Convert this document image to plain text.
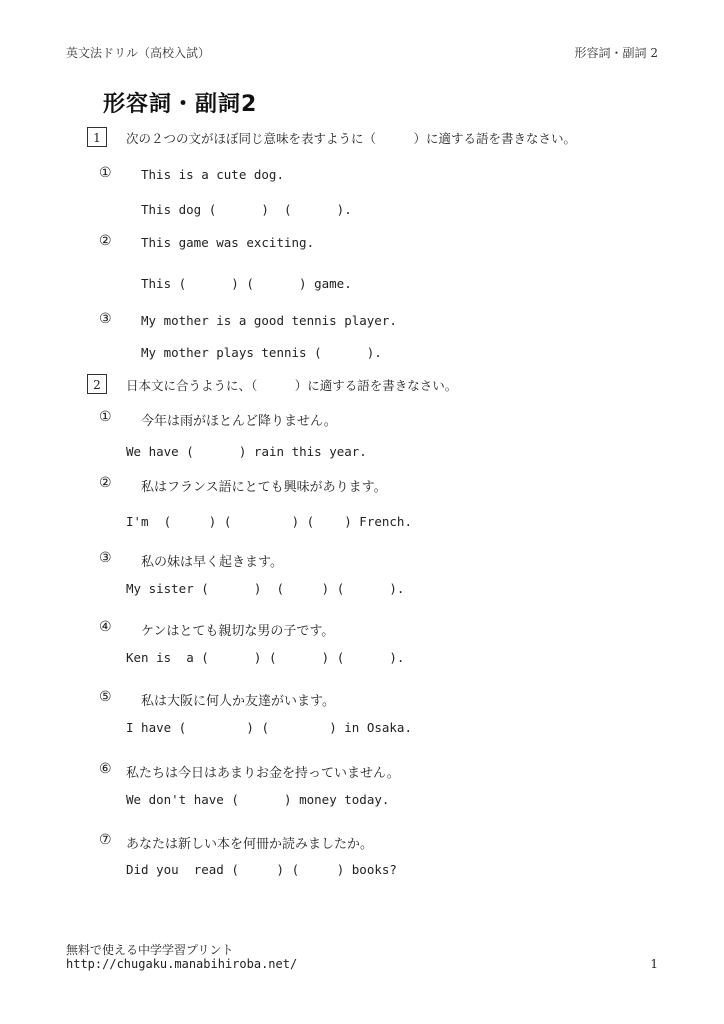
英文法ドリル（高校入試）	形容詞・副詞 2
形容詞・副詞2
1	次の２つの文がほぼ同じ意味を表すように（　　　）に適する語を書きなさい。
① This is a cute dog.
This dog (      )  (      ).
② This game was exciting.
This (      ) (      ) game.
③ My mother is a good tennis player.
My mother plays tennis (      ).
2	日本文に合うように、（　　　）に適する語を書きなさい。
① 今年は雨がほとんど降りません。
We have (      ) rain this year.
② 私はフランス語にとても興味があります。
I'm  (     ) (        ) (    ) French.
③ 私の妹は早く起きます。
My sister (      )  (     ) (      ).
④ ケンはとても親切な男の子です。
Ken is  a (      ) (      ) (      ).
⑤ 私は大阪に何人か友達がいます。
I have (        ) (        ) in Osaka.
⑥ 私たちは今日はあまりお金を持っていません。
We don't have (      ) money today.
⑦ あなたは新しい本を何冊か読みましたか。
Did you  read (     ) (     ) books?
無料で使える中学学習プリント
http://chugaku.manabihiroba.net/	1
